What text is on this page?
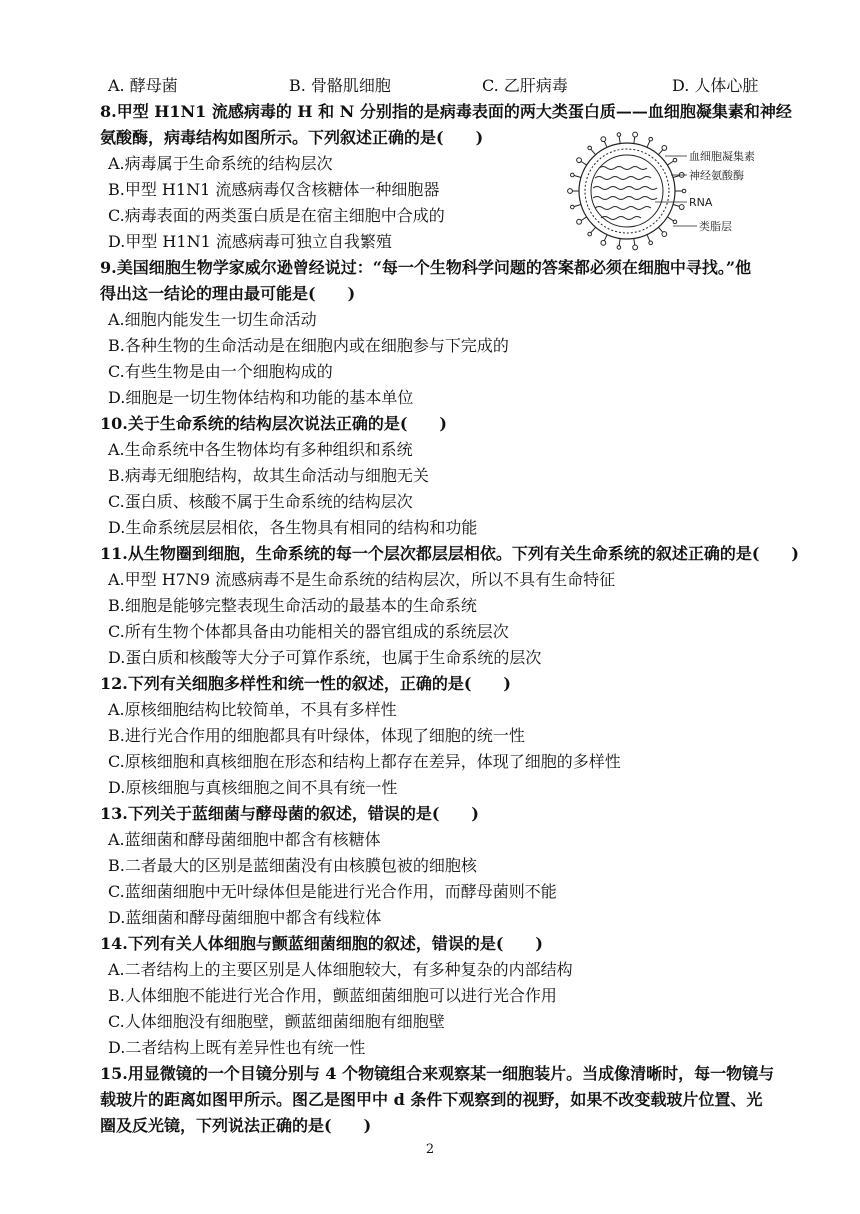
A. 酵母菌	B. 骨骼肌细胞	C. 乙肝病毒	D. 人体心脏
8.甲型 H1N1 流感病毒的 H 和 N 分别指的是病毒表面的两大类蛋白质——血细胞凝集素和神经
氨酸酶，病毒结构如图所示。下列叙述正确的是(　　)
A.病毒属于生命系统的结构层次
B.甲型 H1N1 流感病毒仅含核糖体一种细胞器
C.病毒表面的两类蛋白质是在宿主细胞中合成的
D.甲型 H1N1 流感病毒可独立自我繁殖
血细胞凝集素
神经氨酸酶
RNA
类脂层
9.美国细胞生物学家威尔逊曾经说过：“每一个生物科学问题的答案都必须在细胞中寻找。”他
得出这一结论的理由最可能是(　　)
A.细胞内能发生一切生命活动
B.各种生物的生命活动是在细胞内或在细胞参与下完成的
C.有些生物是由一个细胞构成的
D.细胞是一切生物体结构和功能的基本单位
10.关于生命系统的结构层次说法正确的是(　　)
A.生命系统中各生物体均有多种组织和系统
B.病毒无细胞结构，故其生命活动与细胞无关
C.蛋白质、核酸不属于生命系统的结构层次
D.生命系统层层相依，各生物具有相同的结构和功能
11.从生物圈到细胞，生命系统的每一个层次都层层相依。下列有关生命系统的叙述正确的是(　　)
A.甲型 H7N9 流感病毒不是生命系统的结构层次，所以不具有生命特征
B.细胞是能够完整表现生命活动的最基本的生命系统
C.所有生物个体都具备由功能相关的器官组成的系统层次
D.蛋白质和核酸等大分子可算作系统，也属于生命系统的层次
12.下列有关细胞多样性和统一性的叙述，正确的是(　　)
A.原核细胞结构比较简单，不具有多样性
B.进行光合作用的细胞都具有叶绿体，体现了细胞的统一性
C.原核细胞和真核细胞在形态和结构上都存在差异，体现了细胞的多样性
D.原核细胞与真核细胞之间不具有统一性
13.下列关于蓝细菌与酵母菌的叙述，错误的是(　　)
A.蓝细菌和酵母菌细胞中都含有核糖体
B.二者最大的区别是蓝细菌没有由核膜包被的细胞核
C.蓝细菌细胞中无叶绿体但是能进行光合作用，而酵母菌则不能
D.蓝细菌和酵母菌细胞中都含有线粒体
14.下列有关人体细胞与颤蓝细菌细胞的叙述，错误的是(　　)
A.二者结构上的主要区别是人体细胞较大，有多种复杂的内部结构
B.人体细胞不能进行光合作用，颤蓝细菌细胞可以进行光合作用
C.人体细胞没有细胞壁，颤蓝细菌细胞有细胞壁
D.二者结构上既有差异性也有统一性
15.用显微镜的一个目镜分别与 4 个物镜组合来观察某一细胞装片。当成像清晰时，每一物镜与
载玻片的距离如图甲所示。图乙是图甲中 d 条件下观察到的视野，如果不改变载玻片位置、光
圈及反光镜，下列说法正确的是(　　)
2
